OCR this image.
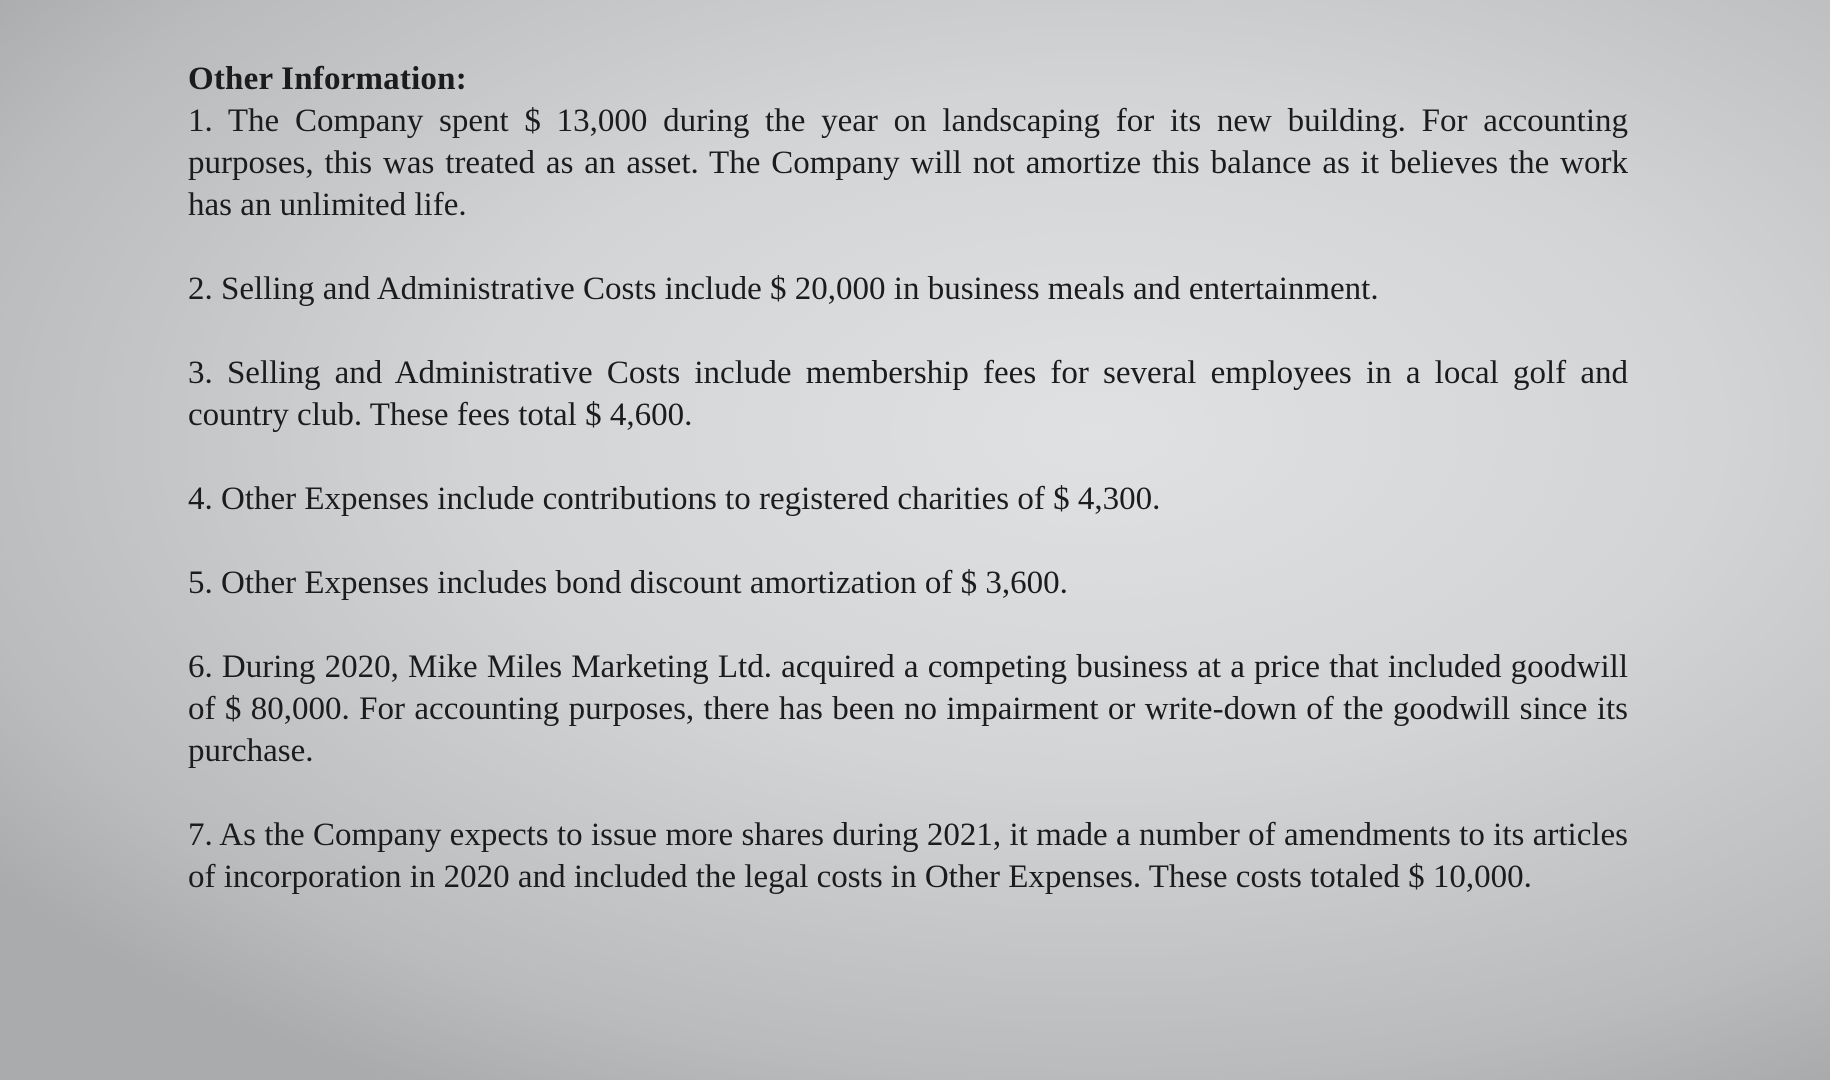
Other Information:

1. The Company spent $ 13,000 during the year on landscaping for its new building. For accounting purposes, this was treated as an asset. The Company will not amortize this balance as it believes the work has an unlimited life.

2. Selling and Administrative Costs include $ 20,000 in business meals and entertainment.

3. Selling and Administrative Costs include membership fees for several employees in a local golf and country club. These fees total $ 4,600.

4. Other Expenses include contributions to registered charities of $ 4,300.

5. Other Expenses includes bond discount amortization of $ 3,600.

6. During 2020, Mike Miles Marketing Ltd. acquired a competing business at a price that included goodwill of $ 80,000. For accounting purposes, there has been no impairment or write-down of the goodwill since its purchase.

7. As the Company expects to issue more shares during 2021, it made a number of amendments to its articles of incorporation in 2020 and included the legal costs in Other Expenses. These costs totaled $ 10,000.
